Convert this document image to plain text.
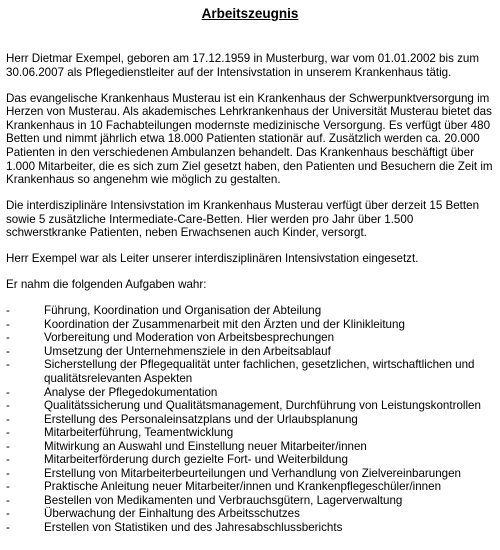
Arbeitszeugnis

Herr Dietmar Exempel, geboren am 17.12.1959 in Musterburg, war vom 01.01.2002 bis zum 30.06.2007 als Pflegedienstleiter auf der Intensivstation in unserem Krankenhaus tätig.

Das evangelische Krankenhaus Musterau ist ein Krankenhaus der Schwerpunktversorgung im Herzen von Musterau. Als akademisches Lehrkrankenhaus der Universität Musterau bietet das Krankenhaus in 10 Fachabteilungen modernste medizinische Versorgung. Es verfügt über 480 Betten und nimmt jährlich etwa 18.000 Patienten stationär auf. Zusätzlich werden ca. 20.000 Patienten in den verschiedenen Ambulanzen behandelt. Das Krankenhaus beschäftigt über 1.000 Mitarbeiter, die es sich zum Ziel gesetzt haben, den Patienten und Besuchern die Zeit im Krankenhaus so angenehm wie möglich zu gestalten.

Die interdisziplinäre Intensivstation im Krankenhaus Musterau verfügt über derzeit 15 Betten sowie 5 zusätzliche Intermediate-Care-Betten. Hier werden pro Jahr über 1.500 schwerstkranke Patienten, neben Erwachsenen auch Kinder, versorgt.

Herr Exempel war als Leiter unserer interdisziplinären Intensivstation eingesetzt.

Er nahm die folgenden Aufgaben wahr:

- Führung, Koordination und Organisation der Abteilung
- Koordination der Zusammenarbeit mit den Ärzten und der Klinikleitung
- Vorbereitung und Moderation von Arbeitsbesprechungen
- Umsetzung der Unternehmensziele in den Arbeitsablauf
- Sicherstellung der Pflegequalität unter fachlichen, gesetzlichen, wirtschaftlichen und qualitätsrelevanten Aspekten
- Analyse der Pflegedokumentation
- Qualitätssicherung und Qualitätsmanagement, Durchführung von Leistungskontrollen
- Erstellung des Personaleinsatzplans und der Urlaubsplanung
- Mitarbeiterführung, Teamentwicklung
- Mitwirkung an Auswahl und Einstellung neuer Mitarbeiter/innen
- Mitarbeiterförderung durch gezielte Fort- und Weiterbildung
- Erstellung von Mitarbeiterbeurteilungen und Verhandlung von Zielvereinbarungen
- Praktische Anleitung neuer Mitarbeiter/innen und Krankenpflegeschüler/innen
- Bestellen von Medikamenten und Verbrauchsgütern, Lagerverwaltung
- Überwachung der Einhaltung des Arbeitsschutzes
- Erstellen von Statistiken und des Jahresabschlussberichts
